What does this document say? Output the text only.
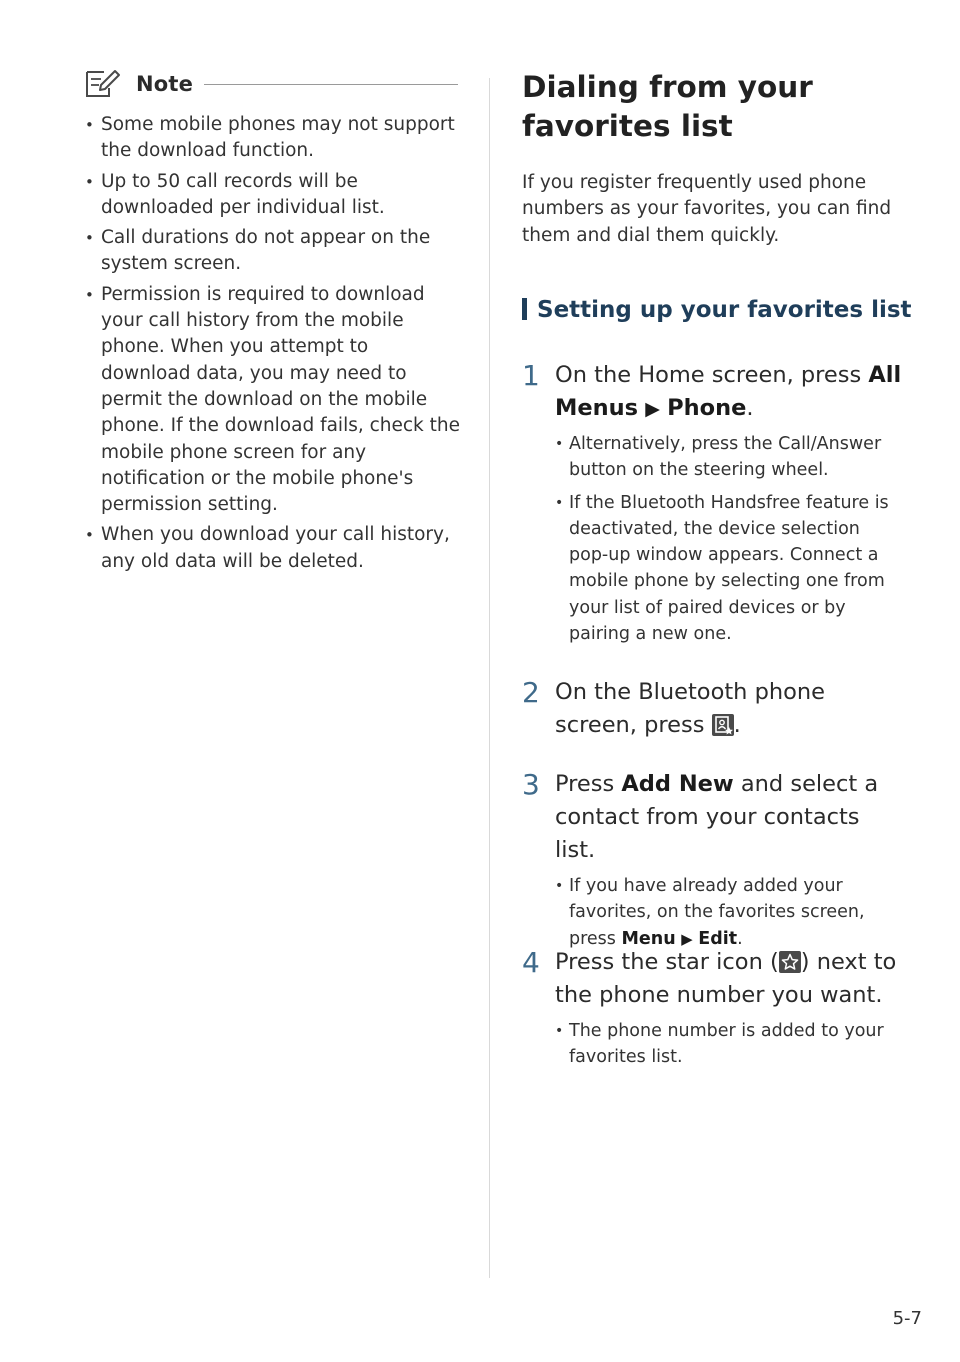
Note
• Some mobile phones may not support the download function.
• Up to 50 call records will be downloaded per individual list.
• Call durations do not appear on the system screen.
• Permission is required to download your call history from the mobile phone. When you attempt to download data, you may need to permit the download on the mobile phone. If the download fails, check the mobile phone screen for any notification or the mobile phone's permission setting.
• When you download your call history, any old data will be deleted.
Dialing from your favorites list

If you register frequently used phone numbers as your favorites, you can find them and dial them quickly.

Setting up your favorites list
1 On the Home screen, press All Menus ▶ Phone.

• Alternatively, press the Call/Answer button on the steering wheel.
• If the Bluetooth Handsfree feature is deactivated, the device selection pop-up window appears. Connect a mobile phone by selecting one from your list of paired devices or by pairing a new one.
2 On the Bluetooth phone screen, press
.

3 Press Add New and select a contact from your contacts list.

• If you have already added your favorites, on the favorites screen, press Menu ▶ Edit.
4 Press the star icon ( ) next to the phone number you want.

• The phone number is added to your favorites list.
5-7
